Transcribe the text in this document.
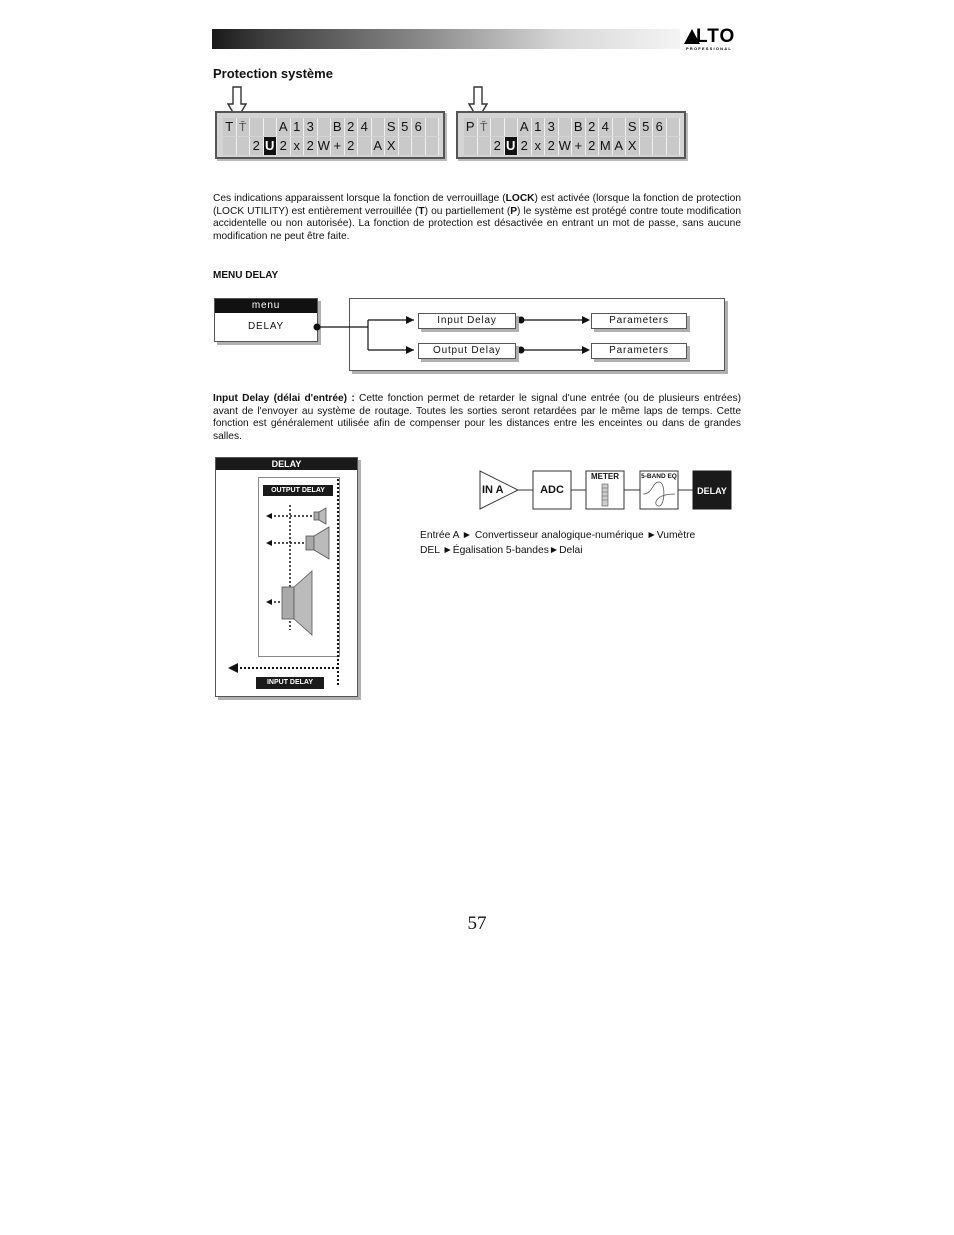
LTO
PROFESSIONAL
Protection système
T ⍑	A 1 3 B 2 4 S 5 6
2 U 2 x 2 W + 2 A X
P ⍑	A 1 3 B 2 4 S 5 6
2 U 2 x 2 W + 2 M A X
Ces indications apparaissent lorsque la fonction de verrouillage (LOCK) est activée (lorsque la fonction de protection (LOCK UTILITY) est entièrement verrouillée (T) ou partiellement (P) le système est protégé contre toute modification accidentelle ou non autorisée). La fonction de protection est désactivée en entrant un mot de passe, sans aucune modification ne peut être faite.
MENU DELAY
menu
DELAY
Input Delay
Output Delay
Parameters
Parameters
Input Delay (délai d'entrée) : Cette fonction permet de retarder le signal d'une entrée (ou de plusieurs entrées) avant de l'envoyer au système de routage. Toutes les sorties seront retardées par le même laps de temps. Cette fonction est généralement utilisée afin de compenser pour les distances entre les enceintes ou dans de grandes salles.
DELAY
OUTPUT DELAY
INPUT DELAY
IN A	ADC
METER	5-BAND EQ
DELAY
Entrée A ► Convertisseur analogique-numérique ►Vumètre
DEL ►Égalisation 5-bandes►Delai
57
